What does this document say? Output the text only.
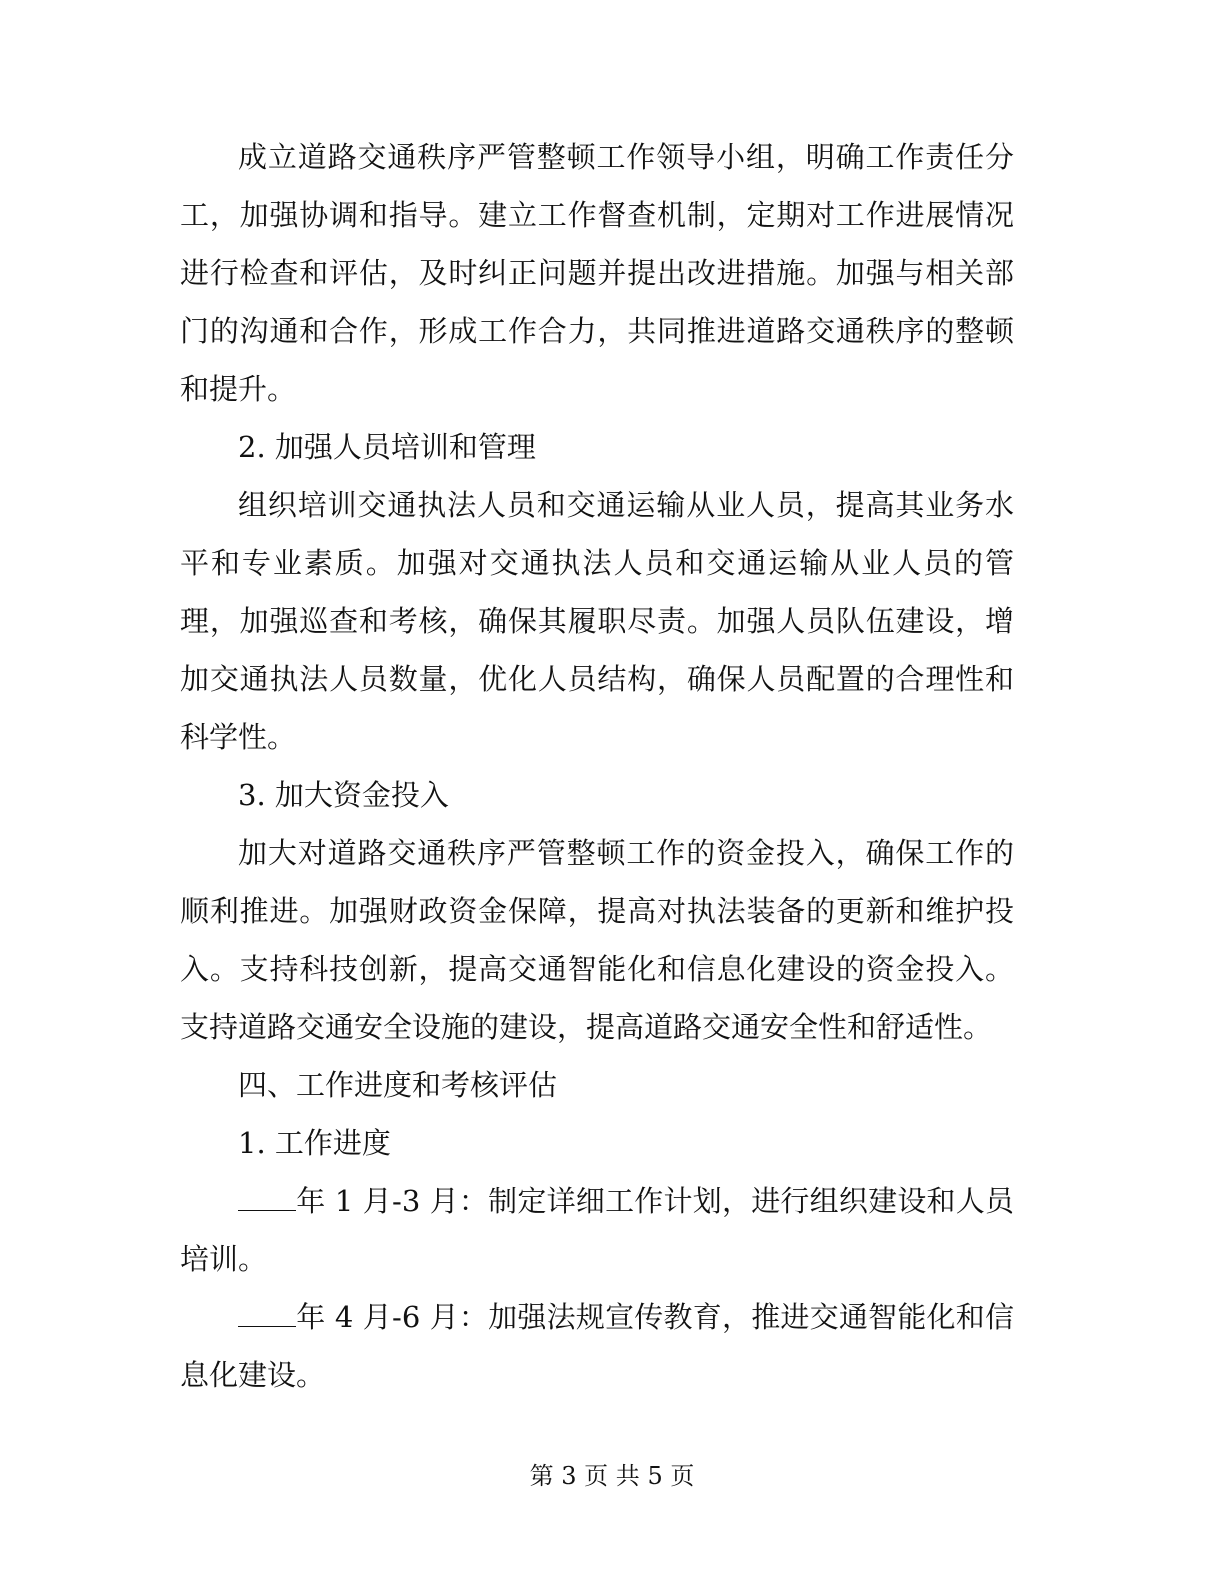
成立道路交通秩序严管整顿工作领导小组，明确工作责任分工，加强协调和指导。建立工作督查机制，定期对工作进展情况进行检查和评估，及时纠正问题并提出改进措施。加强与相关部门的沟通和合作，形成工作合力，共同推进道路交通秩序的整顿和提升。

2. 加强人员培训和管理

组织培训交通执法人员和交通运输从业人员，提高其业务水平和专业素质。加强对交通执法人员和交通运输从业人员的管理，加强巡查和考核，确保其履职尽责。加强人员队伍建设，增加交通执法人员数量，优化人员结构，确保人员配置的合理性和科学性。

3. 加大资金投入

加大对道路交通秩序严管整顿工作的资金投入，确保工作的顺利推进。加强财政资金保障，提高对执法装备的更新和维护投入。支持科技创新，提高交通智能化和信息化建设的资金投入。支持道路交通安全设施的建设，提高道路交通安全性和舒适性。

四、工作进度和考核评估

1. 工作进度

年 1 月-3 月：制定详细工作计划，进行组织建设和人员培训。

年 4 月-6 月：加强法规宣传教育，推进交通智能化和信息化建设。

第 3 页 共 5 页
